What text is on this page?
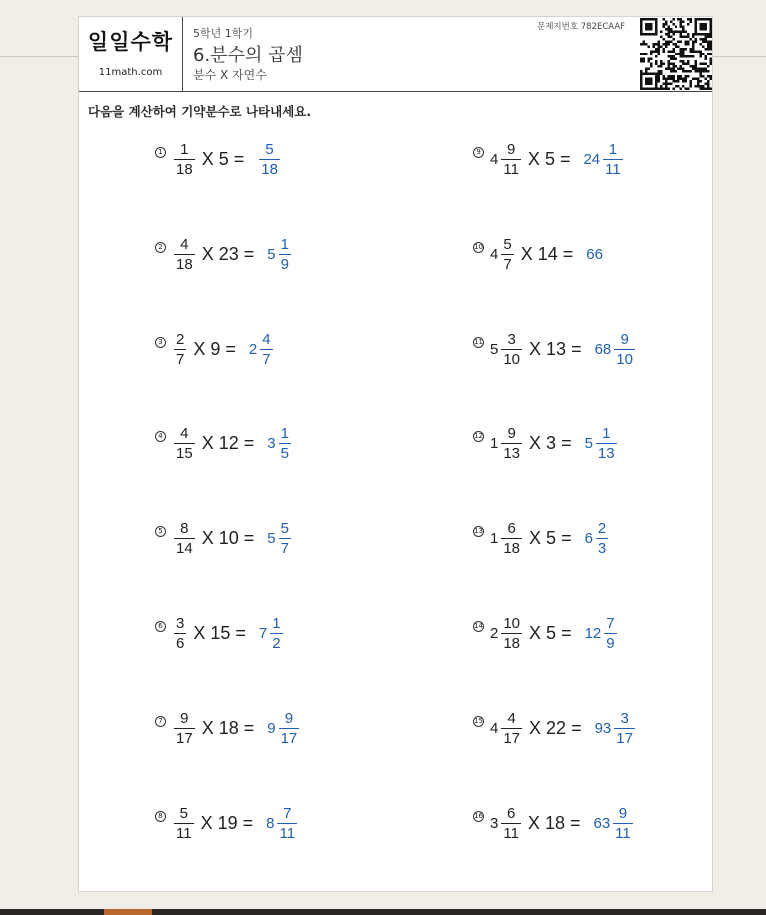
일일수학
11math.com
5학년 1학기
6.분수의 곱셈
분수 X 자연수
문제지번호 782ECAAF
다음을 계산하여 기약분수로 나타내세요.
$1 \frac{1}{18}$ X $5 = \frac{5}{18}$
$2 \frac{4}{18}$ X $23 = 5 \frac{1}{9}$
$3 \frac{2}{7}$ X $9 = 2 \frac{4}{7}$
$4 \frac{4}{15}$ X $12 = 3 \frac{1}{5}$
$5 \frac{8}{14}$ X $10 = 5 \frac{5}{7}$
$6 \frac{3}{6}$ X $15 = 7 \frac{1}{2}$
$7 \frac{9}{17}$ X $18 = 9 \frac{9}{17}$
$8 \frac{5}{11}$ X $19 = 8 \frac{7}{11}$
9 $4 \frac{9}{11}$ X $5 = 24 \frac{1}{11}$
10 $4 \frac{5}{7}$ X 14 = 66
11 $5 \frac{3}{10}$ X $13 = 68 \frac{9}{10}$
12 $1 \frac{9}{13}$ X $3 = 5 \frac{1}{13}$
13 $1 \frac{6}{18}$ X $5 = 6 \frac{2}{3}$
14 $2 \frac{10}{18}$ X $5 = 12 \frac{7}{9}$
15 $4 \frac{4}{17}$ X $22 = 93 \frac{3}{17}$
16 $3 \frac{6}{11}$ X $18 = 63 \frac{9}{11}$
